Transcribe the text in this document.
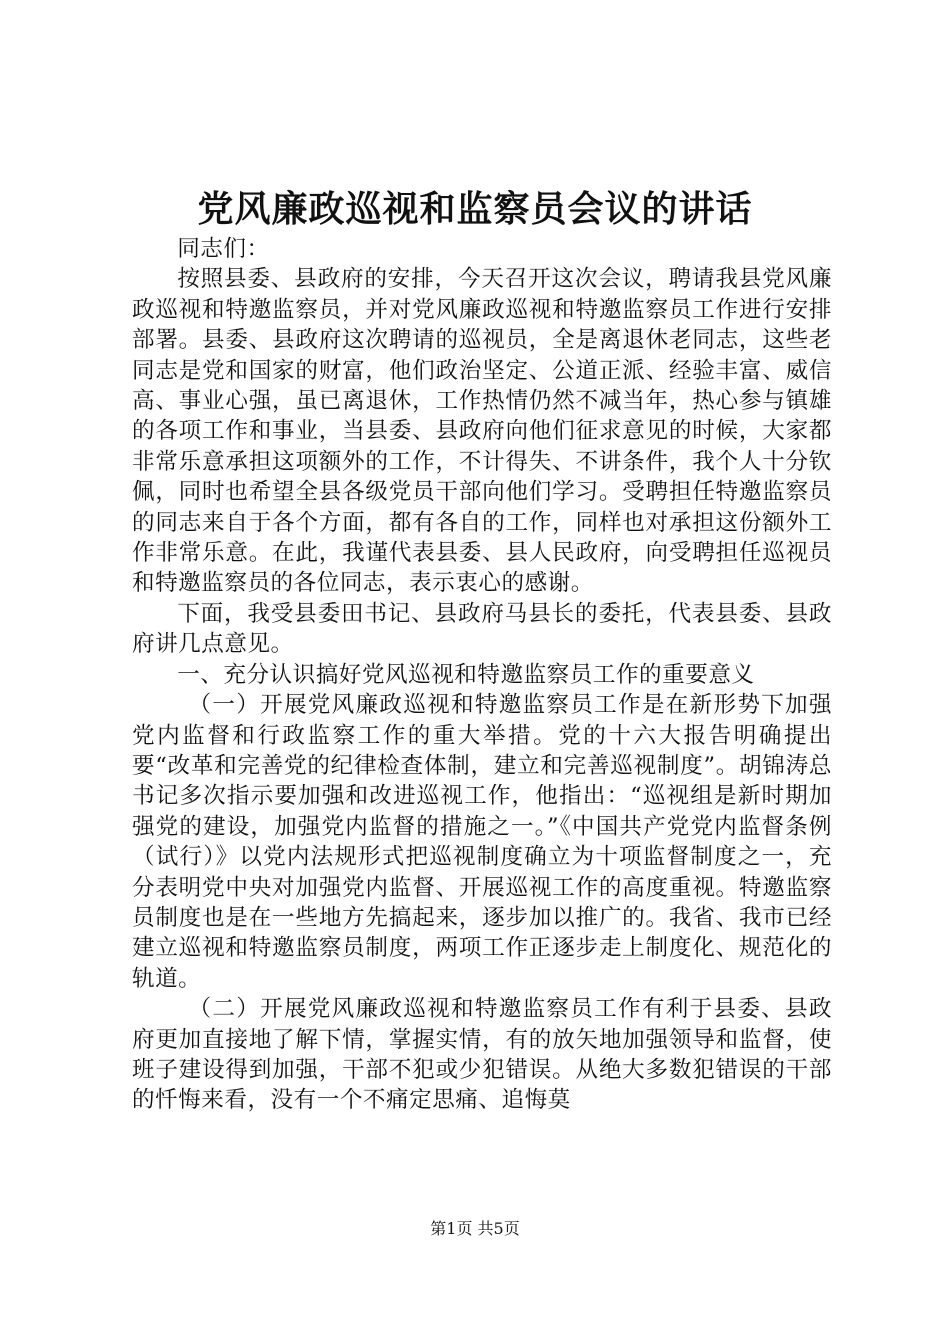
党风廉政巡视和监察员会议的讲话

同志们：

按照县委、县政府的安排，今天召开这次会议，聘请我县党风廉政巡视和特邀监察员，并对党风廉政巡视和特邀监察员工作进行安排部署。县委、县政府这次聘请的巡视员，全是离退休老同志，这些老同志是党和国家的财富，他们政治坚定、公道正派、经验丰富、威信高、事业心强，虽已离退休，工作热情仍然不减当年，热心参与镇雄的各项工作和事业，当县委、县政府向他们征求意见的时候，大家都非常乐意承担这项额外的工作，不计得失、不讲条件，我个人十分钦佩，同时也希望全县各级党员干部向他们学习。受聘担任特邀监察员的同志来自于各个方面，都有各自的工作，同样也对承担这份额外工作非常乐意。在此，我谨代表县委、县人民政府，向受聘担任巡视员和特邀监察员的各位同志，表示衷心的感谢。

下面，我受县委田书记、县政府马县长的委托，代表县委、县政府讲几点意见。

一、充分认识搞好党风巡视和特邀监察员工作的重要意义

（一）开展党风廉政巡视和特邀监察员工作是在新形势下加强党内监督和行政监察工作的重大举措。党的十六大报告明确提出要“改革和完善党的纪律检查体制，建立和完善巡视制度”。胡锦涛总书记多次指示要加强和改进巡视工作，他指出：“巡视组是新时期加强党的建设，加强党内监督的措施之一。”《中国共产党党内监督条例（试行）》以党内法规形式把巡视制度确立为十项监督制度之一，充分表明党中央对加强党内监督、开展巡视工作的高度重视。特邀监察员制度也是在一些地方先搞起来，逐步加以推广的。我省、我市已经建立巡视和特邀监察员制度，两项工作正逐步走上制度化、规范化的轨道。

（二）开展党风廉政巡视和特邀监察员工作有利于县委、县政府更加直接地了解下情，掌握实情，有的放矢地加强领导和监督，使班子建设得到加强，干部不犯或少犯错误。从绝大多数犯错误的干部的忏悔来看，没有一个不痛定思痛、追悔莫

第1页 共5页
